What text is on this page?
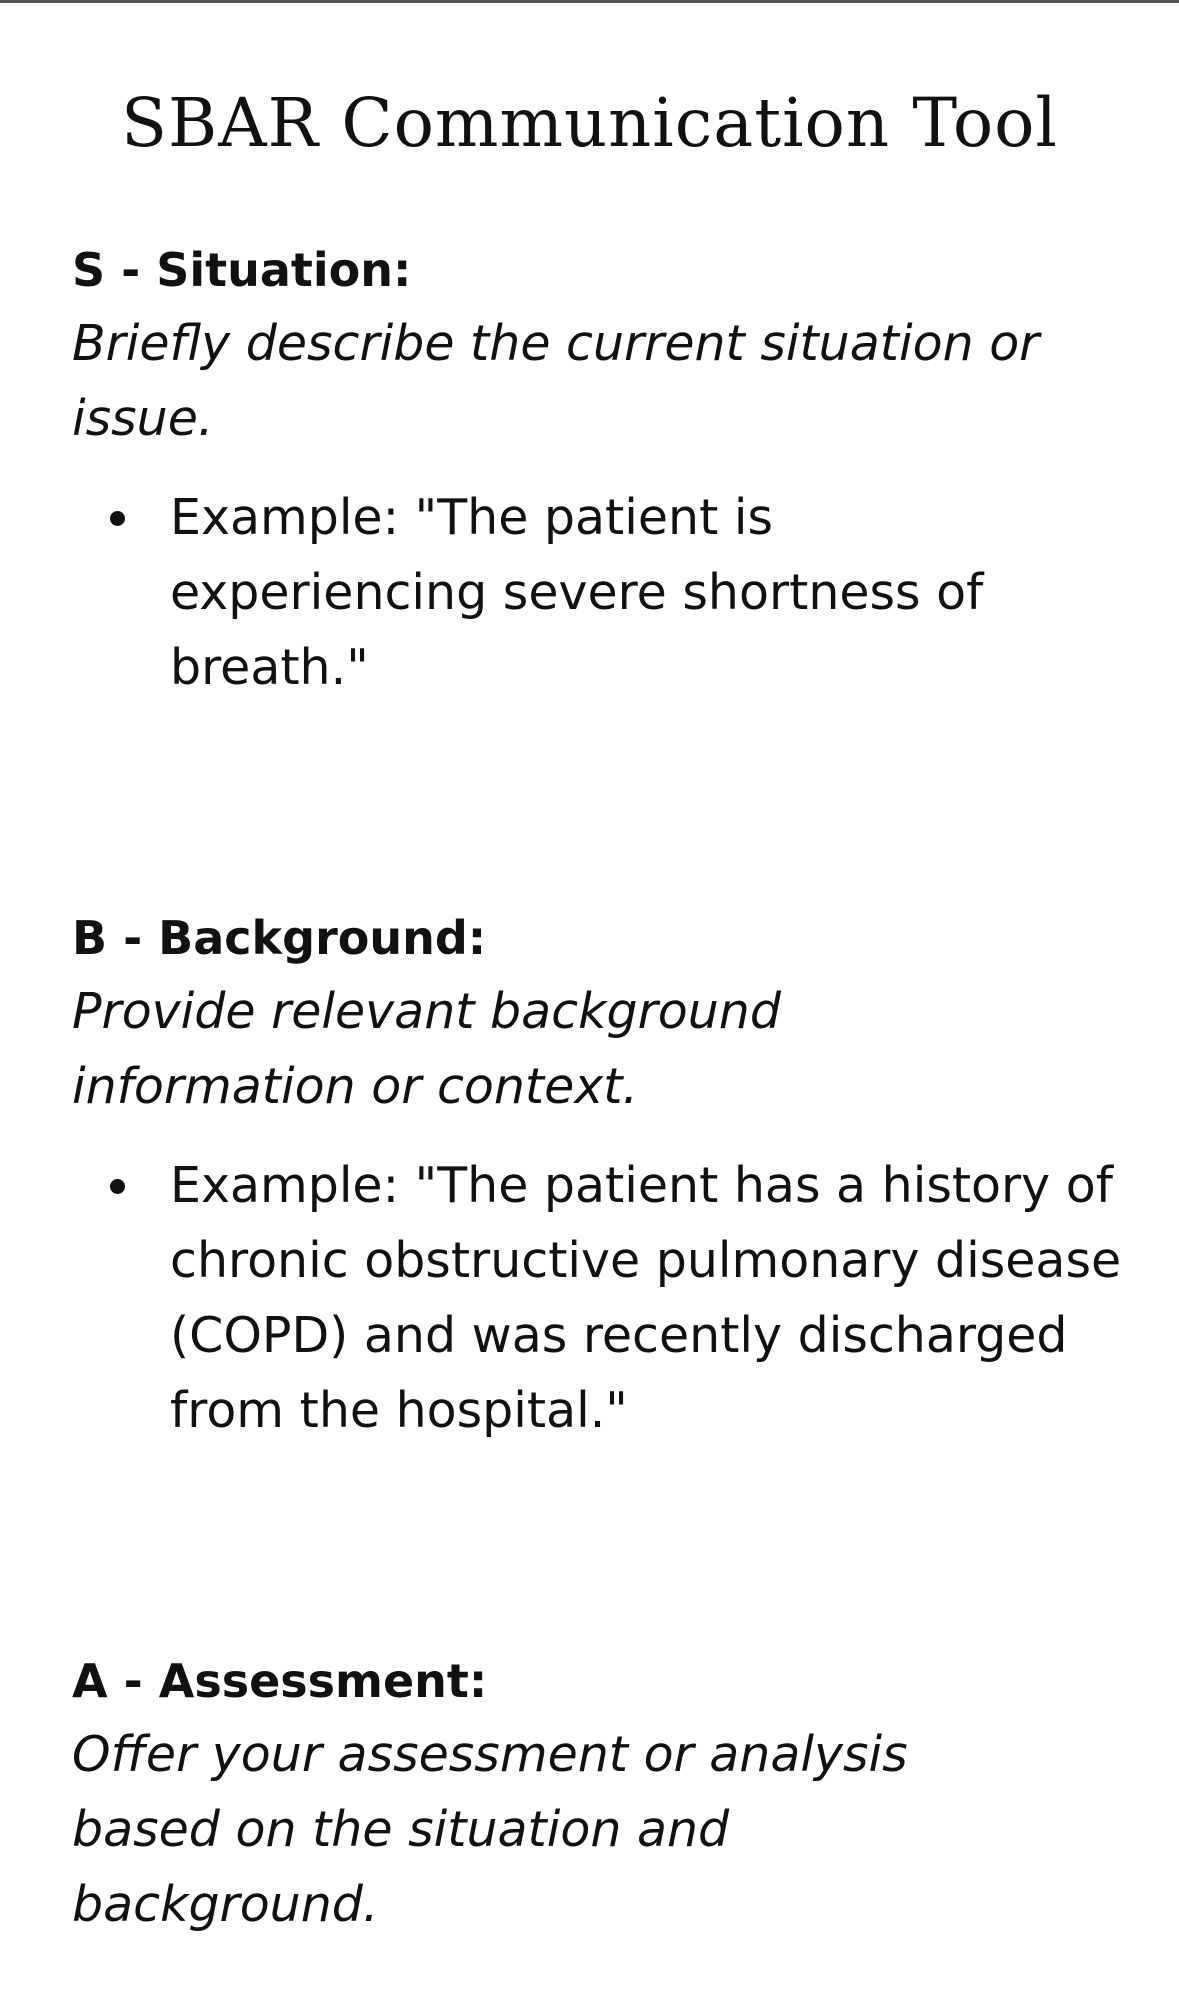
SBAR Communication Tool
S - Situation:

Briefly describe the current situation or issue.

Example: "The patient is experiencing severe shortness of breath."
B - Background:

Provide relevant background information or context.

Example: "The patient has a history of chronic obstructive pulmonary disease (COPD) and was recently discharged from the hospital."
A - Assessment:

Offer your assessment or analysis based on the situation and background.
